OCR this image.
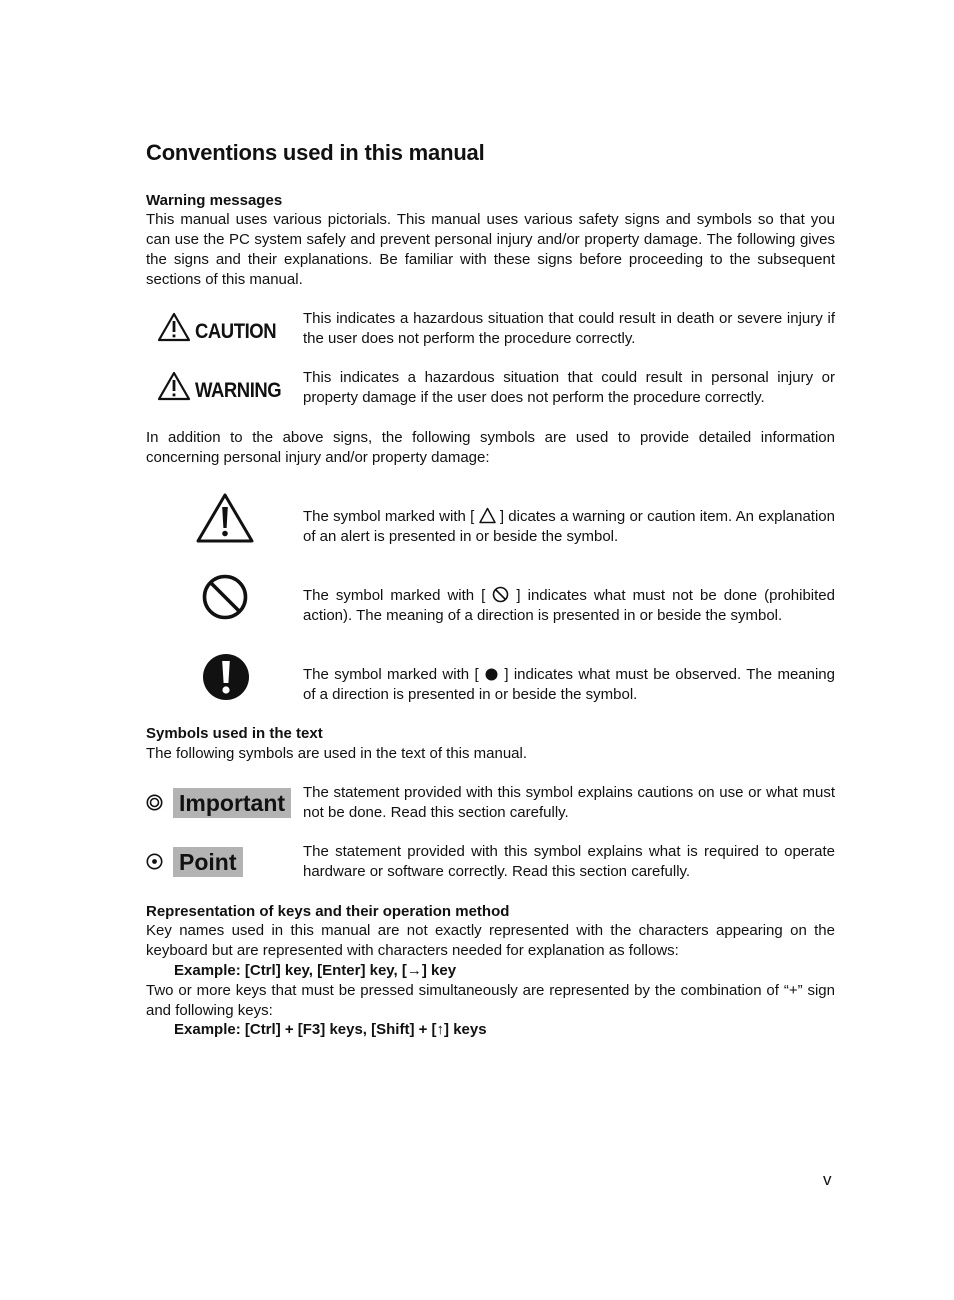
Conventions used in this manual
Warning messages

This manual uses various pictorials. This manual uses various safety signs and symbols so that you can use the PC system safely and prevent personal injury and/or property damage. The following gives the signs and their explanations. Be familiar with these signs before proceeding to the subsequent sections of this manual.

CAUTION

This indicates a hazardous situation that could result in death or severe injury if the user does not perform the procedure correctly.

WARNING

This indicates a hazardous situation that could result in personal injury or property damage if the user does not perform the procedure correctly.

In addition to the above signs, the following symbols are used to provide detailed information concerning personal injury and/or property damage:

The symbol marked with [  ] dicates a warning or caution item. An explanation of an alert is presented in or beside the symbol.

The symbol marked with [  ] indicates what must not be done (prohibited action). The meaning of a direction is presented in or beside the symbol.

The symbol marked with [  ] indicates what must be observed. The meaning of a direction is presented in or beside the symbol.

Symbols used in the text

The following symbols are used in the text of this manual.

Important	The statement provided with this symbol explains cautions on use or what must not be done. Read this section carefully.

Point	The statement provided with this symbol explains what is required to operate hardware or software correctly. Read this section carefully.

Representation of keys and their operation method

Key names used in this manual are not exactly represented with the characters appearing on the keyboard but are represented with characters needed for explanation as follows:

Example: [Ctrl] key, [Enter] key, [→] key

Two or more keys that must be pressed simultaneously are represented by the combination of “+” sign and following keys:

Example: [Ctrl] + [F3] keys, [Shift] + [↑] keys

v
